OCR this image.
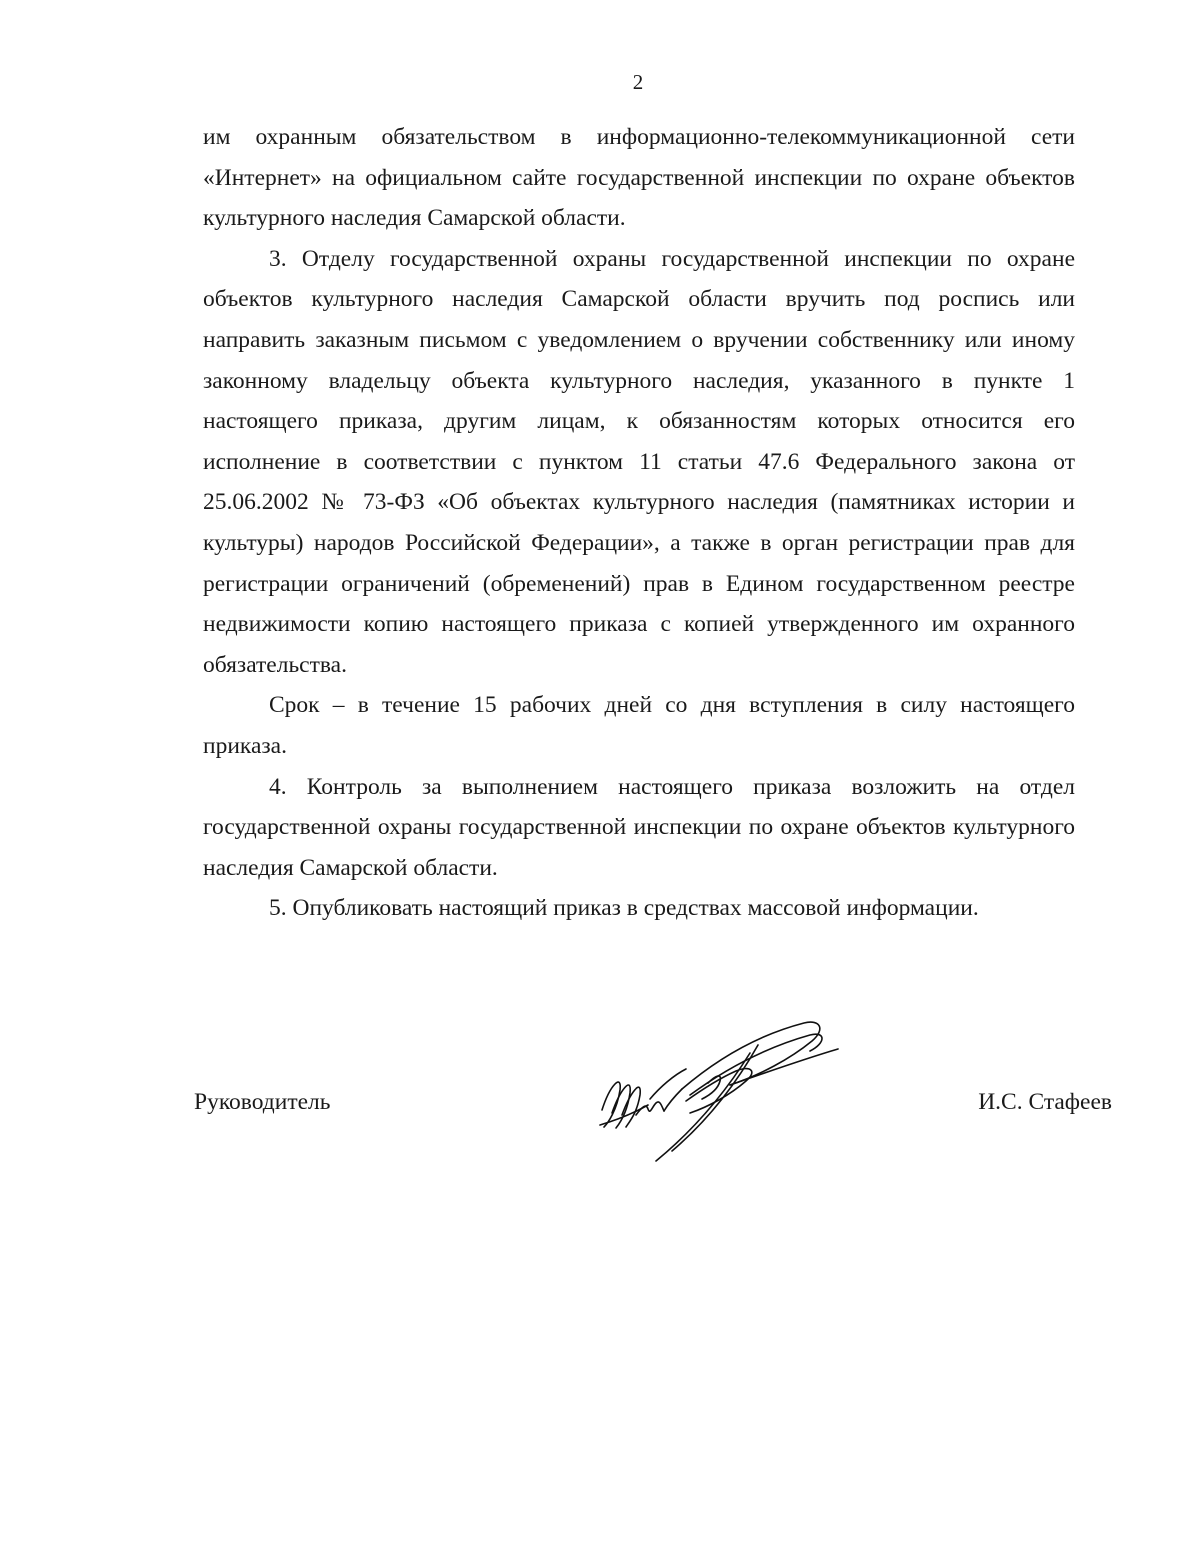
2

им охранным обязательством в информационно-телекоммуникационной сети «Интернет» на официальном сайте государственной инспекции по охране объектов культурного наследия Самарской области.

3. Отделу государственной охраны государственной инспекции по охране объектов культурного наследия Самарской области вручить под роспись или направить заказным письмом с уведомлением о вручении собственнику или иному законному владельцу объекта культурного наследия, указанного в пункте 1 настоящего приказа, другим лицам, к обязанностям которых относится его исполнение в соответствии с пунктом 11 статьи 47.6 Федерального закона от 25.06.2002 № 73-ФЗ «Об объектах культурного наследия (памятниках истории и культуры) народов Российской Федерации», а также в орган регистрации прав для регистрации ограничений (обременений) прав в Едином государственном реестре недвижимости копию настоящего приказа с копией утвержденного им охранного обязательства.

Срок – в течение 15 рабочих дней со дня вступления в силу настоящего приказа.

4. Контроль за выполнением настоящего приказа возложить на отдел государственной охраны государственной инспекции по охране объектов культурного наследия Самарской области.

5. Опубликовать настоящий приказ в средствах массовой информации.

Руководитель	И.С. Стафеев
